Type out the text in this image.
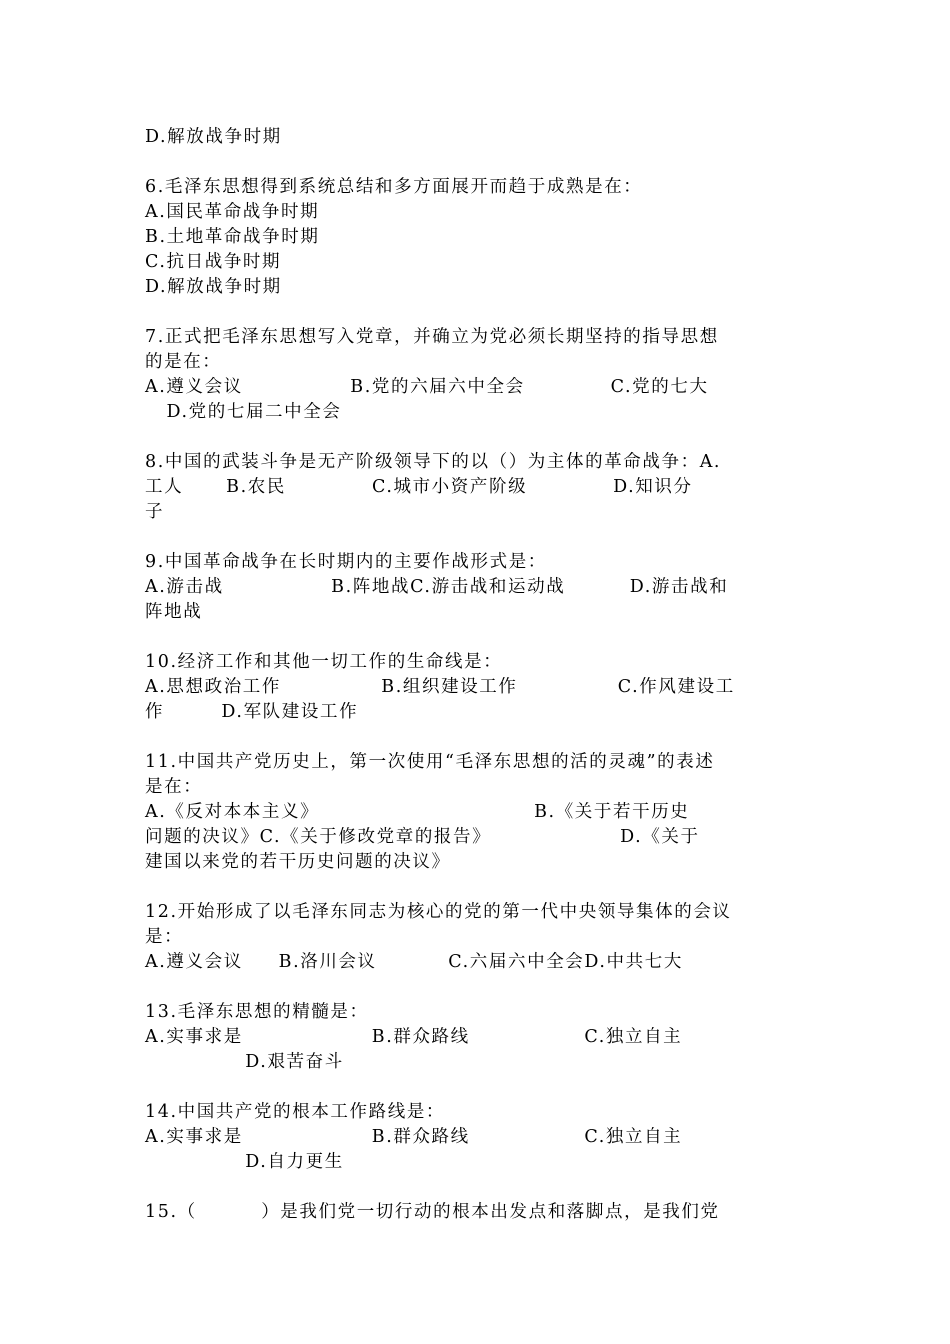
D.解放战争时期
6.毛泽东思想得到系统总结和多方面展开而趋于成熟是在：
A.国民革命战争时期
B.土地革命战争时期
C.抗日战争时期
D.解放战争时期
7.正式把毛泽东思想写入党章，并确立为党必须长期坚持的指导思想
的是在：
A.遵义会议               B.党的六届六中全会            C.党的七大
D.党的七届二中全会
8.中国的武装斗争是无产阶级领导下的以（）为主体的革命战争：A.
工人      B.农民            C.城市小资产阶级            D.知识分
子
9.中国革命战争在长时期内的主要作战形式是：
A.游击战               B.阵地战C.游击战和运动战         D.游击战和
阵地战
10.经济工作和其他一切工作的生命线是：
A.思想政治工作              B.组织建设工作              C.作风建设工
作        D.军队建设工作
11.中国共产党历史上，第一次使用“毛泽东思想的活的灵魂”的表述
是在：
A.《反对本本主义》                              B.《关于若干历史
问题的决议》C.《关于修改党章的报告》                  D.《关于
建国以来党的若干历史问题的决议》
12.开始形成了以毛泽东同志为核心的党的第一代中央领导集体的会议
是：
A.遵义会议     B.洛川会议          C.六届六中全会D.中共七大
13.毛泽东思想的精髓是：
A.实事求是                  B.群众路线                C.独立自主
D.艰苦奋斗
14.中国共产党的根本工作路线是：
A.实事求是                  B.群众路线                C.独立自主
D.自力更生
15.（         ）是我们党一切行动的根本出发点和落脚点，是我们党
